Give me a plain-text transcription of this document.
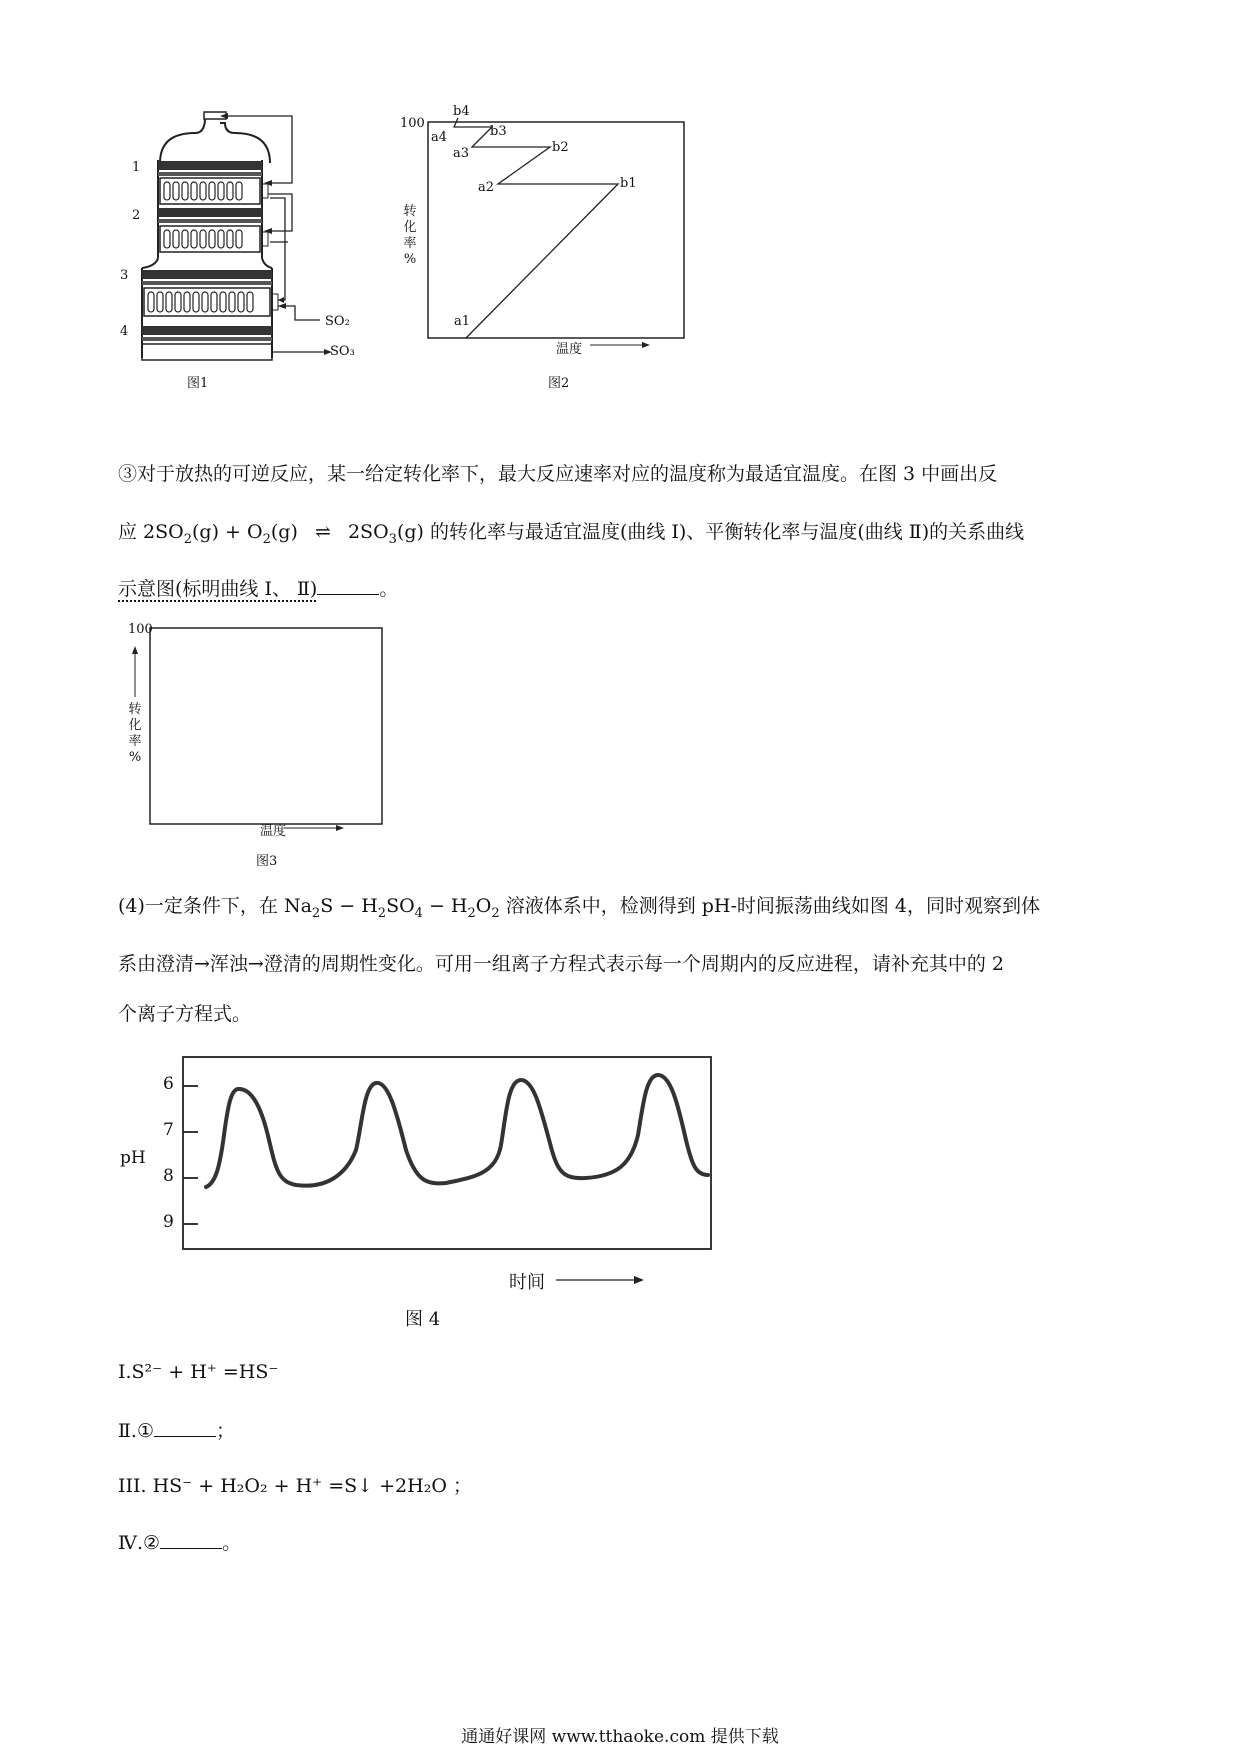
1
2
3
4
SO₂
SO₃
图1
100
转
化
率
%
a1
b1
a2
b2
a3
b3
a4
b4
温度
图2
③对于放热的可逆反应，某一给定转化率下，最大反应速率对应的温度称为最适宜温度。在图 3 中画出反
应 $2SO_2(g) + O_2(g)$ ⇌ $2SO_3(g)$ 的转化率与最适宜温度(曲线 Ⅰ)、平衡转化率与温度(曲线 Ⅱ)的关系曲线
示意图(标明曲线 Ⅰ、 Ⅱ)	。
100
转
化
率
%
温度
图3
(4)一定条件下，在 $Na_2S - H_2SO_4 - H_2O_2$ 溶液体系中，检测得到 pH-时间振荡曲线如图 4，同时观察到体
系由澄清→浑浊→澄清的周期性变化。可用一组离子方程式表示每一个周期内的反应进程，请补充其中的 2
个离子方程式。
6
7
8
9
pH
时间
图 4
Ⅰ.S²⁻ + H⁺ =HS⁻
Ⅱ.①	；
III. HS⁻ + H₂O₂ + H⁺ =S↓ +2H₂O ；
Ⅳ.②	。
通通好课网 www.tthaoke.com 提供下载
